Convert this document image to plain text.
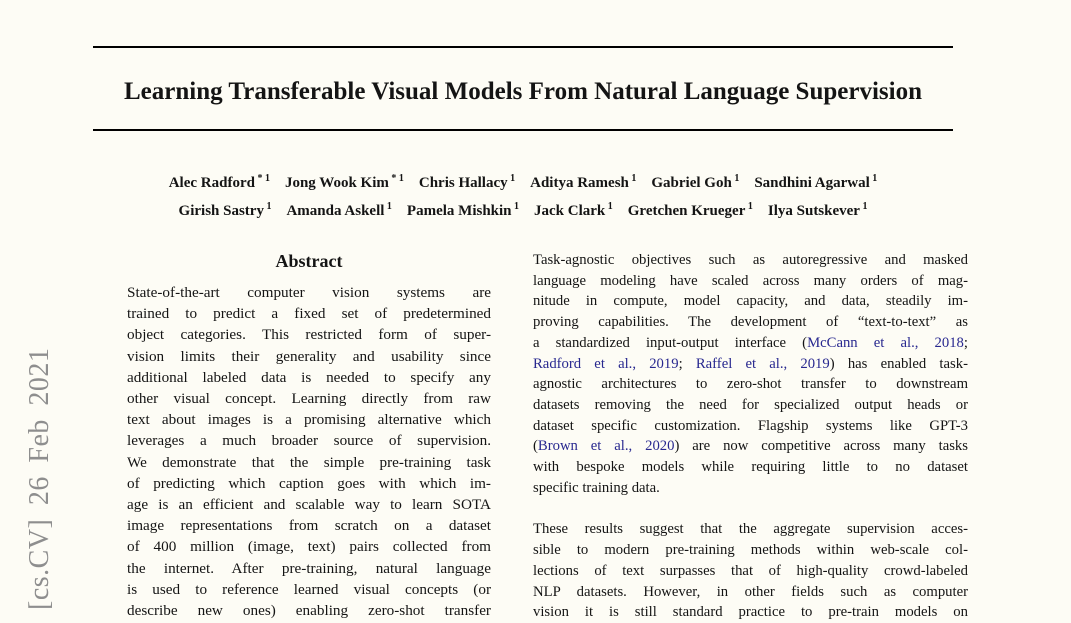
Learning Transferable Visual Models From Natural Language Supervision
Alec Radford $^{* 1}$ Jong Wook Kim $^{* 1}$ Chris Hallacy $^1$ Aditya Ramesh $^1$ Gabriel Goh $^1$ Sandhini Agarwal $^1$
Girish Sastry $^1$ Amanda Askell $^1$ Pamela Mishkin $^1$ Jack Clark $^1$ Gretchen Krueger $^1$ Ilya Sutskever $^1$
Abstract
State-of-the-art computer vision systems are
trained to predict a fixed set of predetermined
object categories. This restricted form of super-
vision limits their generality and usability since
additional labeled data is needed to specify any
other visual concept. Learning directly from raw
text about images is a promising alternative which
leverages a much broader source of supervision.
We demonstrate that the simple pre-training task
of predicting which caption goes with which im-
age is an efficient and scalable way to learn SOTA
image representations from scratch on a dataset
of 400 million (image, text) pairs collected from
the internet. After pre-training, natural language
is used to reference learned visual concepts (or
describe new ones) enabling zero-shot transfer
Task-agnostic objectives such as autoregressive and masked
language modeling have scaled across many orders of mag-
nitude in compute, model capacity, and data, steadily im-
proving capabilities. The development of “text-to-text” as
a standardized input-output interface (McCann et al., 2018;
Radford et al., 2019; Raffel et al., 2019) has enabled task-
agnostic architectures to zero-shot transfer to downstream
datasets removing the need for specialized output heads or
dataset specific customization. Flagship systems like GPT-3
(Brown et al., 2020) are now competitive across many tasks
with bespoke models while requiring little to no dataset
specific training data.
These results suggest that the aggregate supervision acces-
sible to modern pre-training methods within web-scale col-
lections of text surpasses that of high-quality crowd-labeled
NLP datasets. However, in other fields such as computer
vision it is still standard practice to pre-train models on
[cs.CV] 26 Feb 2021
